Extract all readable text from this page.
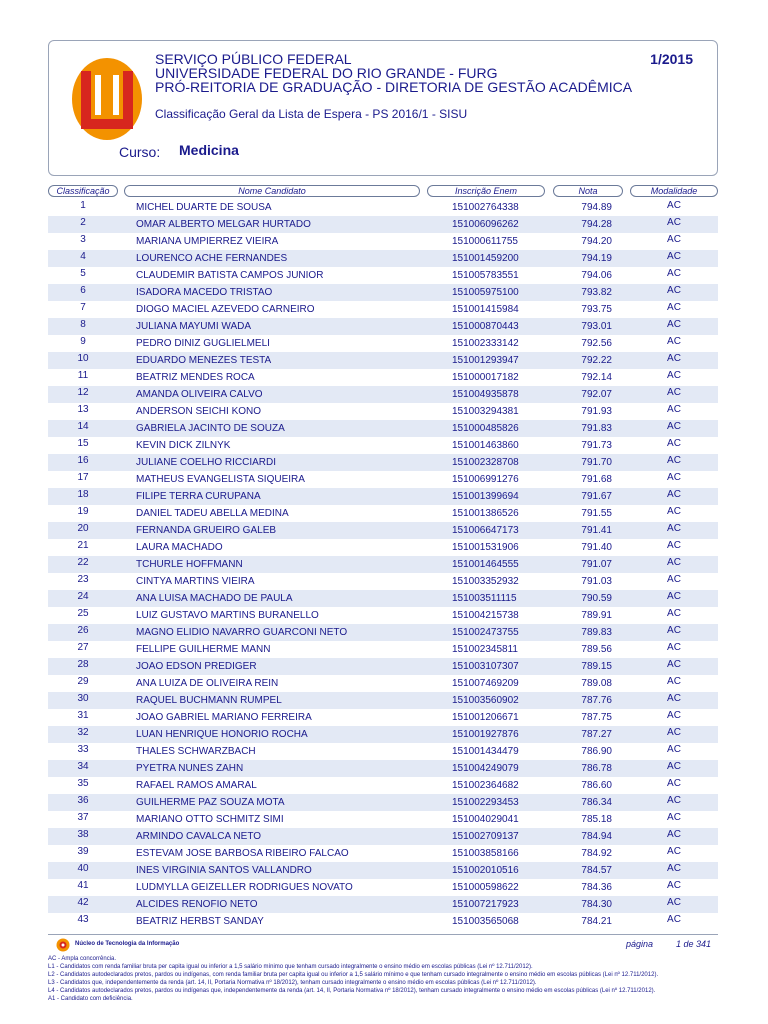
SERVIÇO PÚBLICO FEDERAL
UNIVERSIDADE FEDERAL DO RIO GRANDE - FURG
PRÓ-REITORIA DE GRADUAÇÃO - DIRETORIA DE GESTÃO ACADÊMICA
1/2015
Classificação Geral da Lista de Espera - PS 2016/1 - SISU
Curso: Medicina
Classificação	Nome Candidato	Inscrição Enem	Nota	Modalidade
1	MICHEL DUARTE DE SOUSA	151002764338	794.89	AC
2	OMAR ALBERTO MELGAR HURTADO	151006096262	794.28	AC
3	MARIANA UMPIERREZ VIEIRA	151000611755	794.20	AC
4	LOURENCO ACHE FERNANDES	151001459200	794.19	AC
5	CLAUDEMIR BATISTA CAMPOS JUNIOR	151005783551	794.06	AC
6	ISADORA MACEDO TRISTAO	151005975100	793.82	AC
7	DIOGO MACIEL AZEVEDO CARNEIRO	151001415984	793.75	AC
8	JULIANA MAYUMI WADA	151000870443	793.01	AC
9	PEDRO DINIZ GUGLIELMELI	151002333142	792.56	AC
10	EDUARDO MENEZES TESTA	151001293947	792.22	AC
11	BEATRIZ MENDES ROCA	151000017182	792.14	AC
12	AMANDA OLIVEIRA CALVO	151004935878	792.07	AC
13	ANDERSON SEICHI KONO	151003294381	791.93	AC
14	GABRIELA JACINTO DE SOUZA	151000485826	791.83	AC
15	KEVIN DICK ZILNYK	151001463860	791.73	AC
16	JULIANE COELHO RICCIARDI	151002328708	791.70	AC
17	MATHEUS EVANGELISTA SIQUEIRA	151006991276	791.68	AC
18	FILIPE TERRA CURUPANA	151001399694	791.67	AC
19	DANIEL TADEU ABELLA MEDINA	151001386526	791.55	AC
20	FERNANDA GRUEIRO GALEB	151006647173	791.41	AC
21	LAURA MACHADO	151001531906	791.40	AC
22	TCHURLE HOFFMANN	151001464555	791.07	AC
23	CINTYA MARTINS VIEIRA	151003352932	791.03	AC
24	ANA LUISA MACHADO DE PAULA	151003511115	790.59	AC
25	LUIZ GUSTAVO MARTINS BURANELLO	151004215738	789.91	AC
26	MAGNO ELIDIO NAVARRO GUARCONI NETO	151002473755	789.83	AC
27	FELLIPE GUILHERME MANN	151002345811	789.56	AC
28	JOAO EDSON PREDIGER	151003107307	789.15	AC
29	ANA LUIZA DE OLIVEIRA REIN	151007469209	789.08	AC
30	RAQUEL BUCHMANN RUMPEL	151003560902	787.76	AC
31	JOAO GABRIEL MARIANO FERREIRA	151001206671	787.75	AC
32	LUAN HENRIQUE HONORIO ROCHA	151001927876	787.27	AC
33	THALES SCHWARZBACH	151001434479	786.90	AC
34	PYETRA NUNES ZAHN	151004249079	786.78	AC
35	RAFAEL RAMOS AMARAL	151002364682	786.60	AC
36	GUILHERME PAZ SOUZA MOTA	151002293453	786.34	AC
37	MARIANO OTTO SCHMITZ SIMI	151004029041	785.18	AC
38	ARMINDO CAVALCA NETO	151002709137	784.94	AC
39	ESTEVAM JOSE BARBOSA RIBEIRO FALCAO	151003858166	784.92	AC
40	INES VIRGINIA SANTOS VALLANDRO	151002010516	784.57	AC
41	LUDMYLLA GEIZELLER RODRIGUES NOVATO	151000598622	784.36	AC
42	ALCIDES RENOFIO NETO	151007217923	784.30	AC
43	BEATRIZ HERBST SANDAY	151003565068	784.21	AC
Núcleo de Tecnologia da Informação	página	1 de 341
AC - Ampla concorrência.
L1 - Candidatos com renda familiar bruta per capita igual ou inferior a 1,5 salário mínimo que tenham cursado integralmente o ensino médio em escolas públicas (Lei nº 12.711/2012).
L2 - Candidatos autodeclarados pretos, pardos ou indígenas, com renda familiar bruta per capita igual ou inferior a 1,5 salário mínimo e que tenham cursado integralmente o ensino médio em escolas públicas (Lei nº 12.711/2012).
L3 - Candidatos que, independentemente da renda (art. 14, II, Portaria Normativa nº 18/2012), tenham cursado integralmente o ensino médio em escolas públicas (Lei nº 12.711/2012).
L4 - Candidatos autodeclarados pretos, pardos ou indígenas que, independentemente da renda (art. 14, II, Portaria Normativa nº 18/2012), tenham cursado integralmente o ensino médio em escolas públicas (Lei nº 12.711/2012).
A1 - Candidato com deficiência.
